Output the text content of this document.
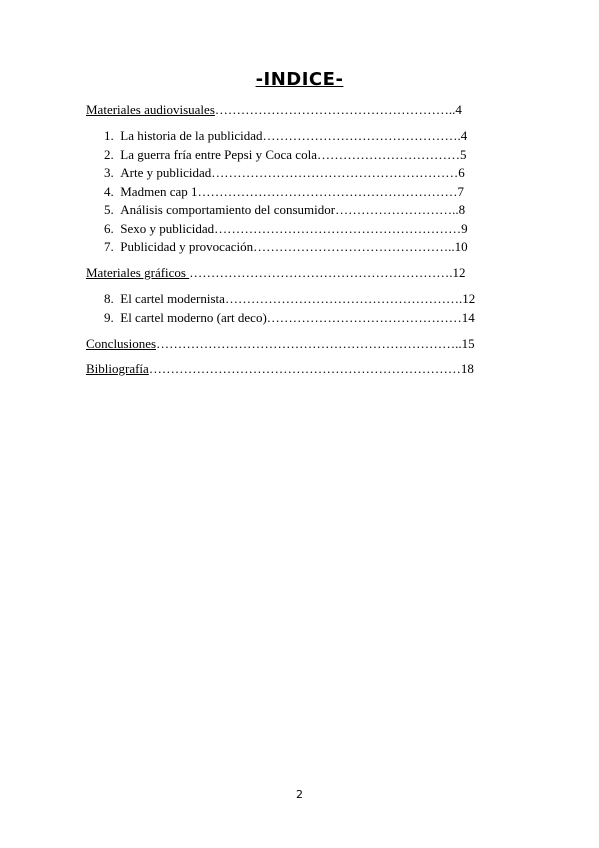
-INDICE-
Materiales audiovisuales………………………………………………..4
1. La historia de la publicidad……………………………………….4
2. La guerra fría entre Pepsi y Coca cola……………………………5
3. Arte y publicidad…………………………………………………6
4. Madmen cap 1……………………………………………………7
5. Análisis comportamiento del consumidor………………………..8
6. Sexo y publicidad…………………………………………………9
7. Publicidad y provocación………………………………………..10
Materiales gráficos …………………………………………………….12
8. El cartel modernista……………………………………………….12
9. El cartel moderno (art deco)………………………………………14
Conclusiones……………………………………………………………..15
Bibliografía………………………………………………………………18
2
